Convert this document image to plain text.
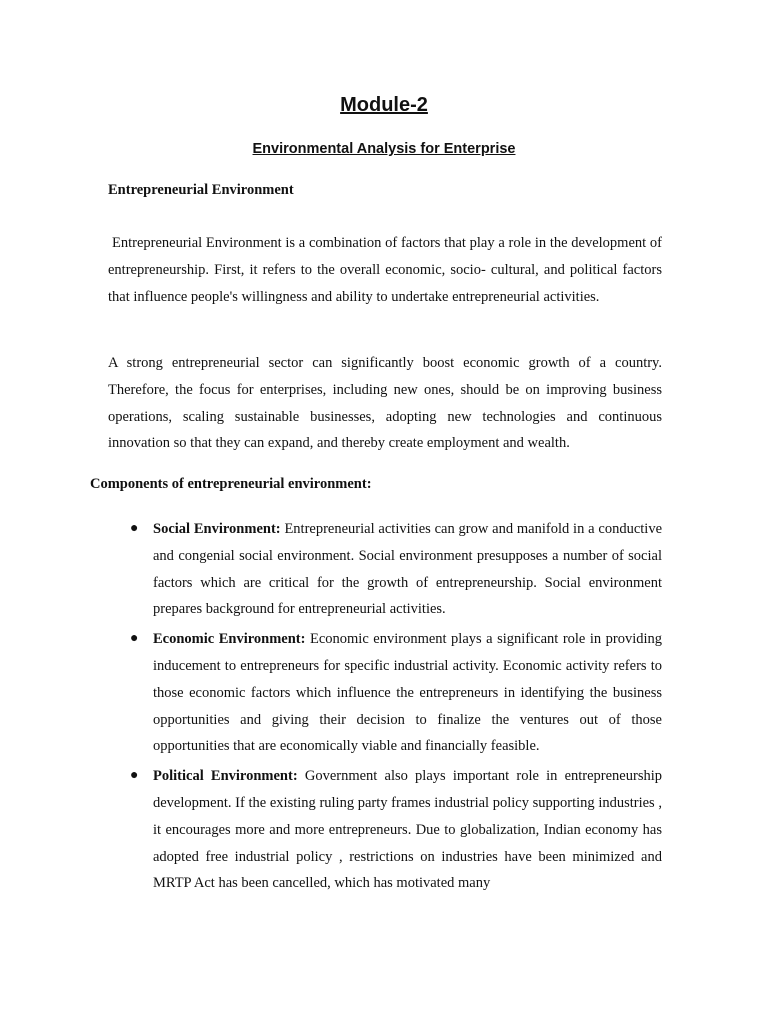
Module-2
Environmental Analysis for Enterprise
Entrepreneurial Environment

Entrepreneurial Environment is a combination of factors that play a role in the development of entrepreneurship. First, it refers to the overall economic, socio- cultural, and political factors that influence people's willingness and ability to undertake entrepreneurial activities.

A strong entrepreneurial sector can significantly boost economic growth of a country. Therefore, the focus for enterprises, including new ones, should be on improving business operations, scaling sustainable businesses, adopting new technologies and continuous innovation so that they can expand, and thereby create employment and wealth.

Components of entrepreneurial environment:
● Social Environment: Entrepreneurial activities can grow and manifold in a conductive and congenial social environment. Social environment presupposes a number of social factors which are critical for the growth of entrepreneurship. Social environment prepares background for entrepreneurial activities.
● Economic Environment: Economic environment plays a significant role in providing inducement to entrepreneurs for specific industrial activity. Economic activity refers to those economic factors which influence the entrepreneurs in identifying the business opportunities and giving their decision to finalize the ventures out of those opportunities that are economically viable and financially feasible.
● Political Environment: Government also plays important role in entrepreneurship development. If the existing ruling party frames industrial policy supporting industries , it encourages more and more entrepreneurs. Due to globalization, Indian economy has adopted free industrial policy , restrictions on industries have been minimized and MRTP Act has been cancelled, which has motivated many
